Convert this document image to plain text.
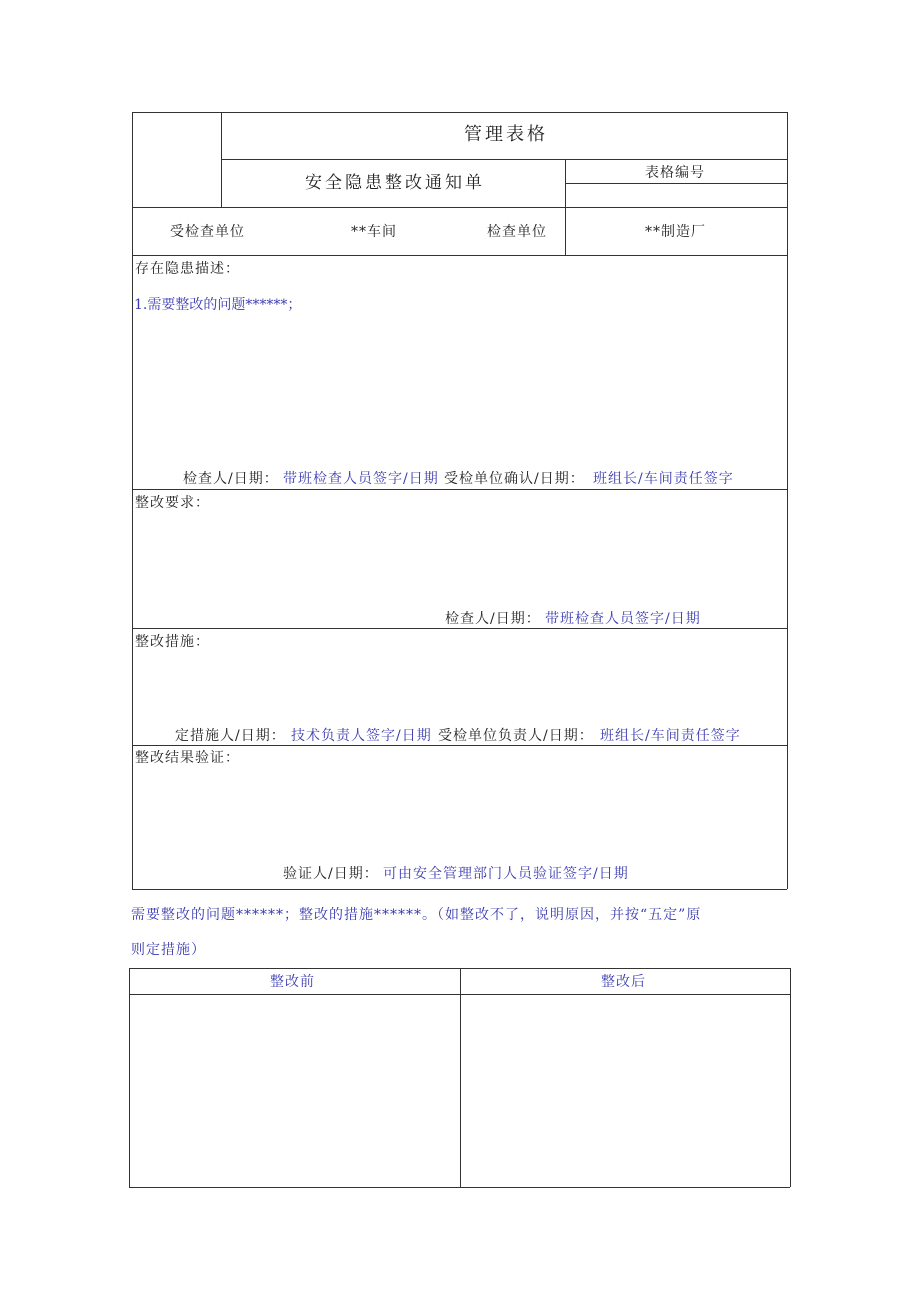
管理表格
安全隐患整改通知单	表格编号
受检查单位	**车间	检查单位	**制造厂
存在隐患描述：
1.需要整改的问题******；
检查人/日期： 带班检查人员签字/日期 受检单位确认/日期： 班组长/车间责任签字
整改要求：
检查人/日期： 带班检查人员签字/日期
整改措施：
定措施人/日期： 技术负责人签字/日期 受检单位负责人/日期： 班组长/车间责任签字
整改结果验证：
验证人/日期： 可由安全管理部门人员验证签字/日期
需要整改的问题******；整改的措施******。（如整改不了，说明原因，并按“五定”原
则定措施）
整改前	整改后
